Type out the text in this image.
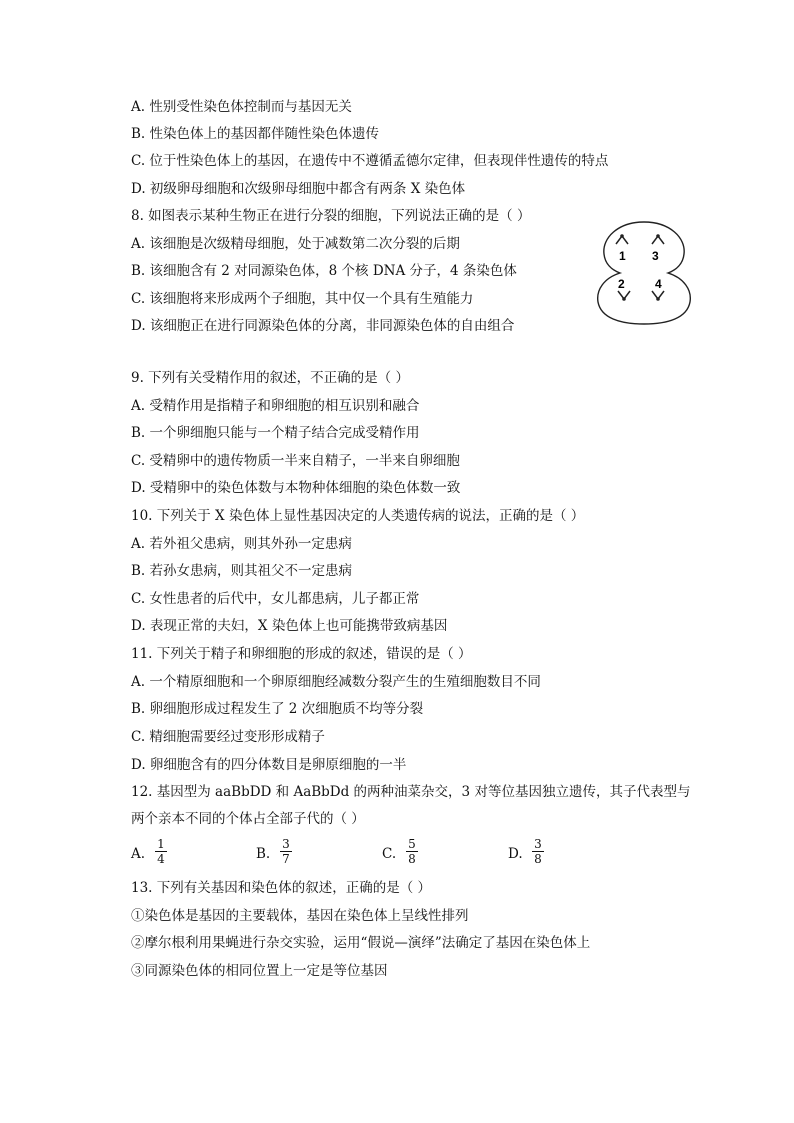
1 3
2	4
A. $\frac{1}{4}$	B. $\frac{3}{7}$	C. $\frac{5}{8}$	D. $\frac{3}{8}$
A. 性别受性染色体控制而与基因无关
B. 性染色体上的基因都伴随性染色体遗传
C. 位于性染色体上的基因，在遗传中不遵循孟德尔定律，但表现伴性遗传的特点
D. 初级卵母细胞和次级卵母细胞中都含有两条 X 染色体
8. 如图表示某种生物正在进行分裂的细胞，下列说法正确的是（ ）
A. 该细胞是次级精母细胞，处于减数第二次分裂的后期
B. 该细胞含有 2 对同源染色体，8 个核 DNA 分子，4 条染色体
C. 该细胞将来形成两个子细胞，其中仅一个具有生殖能力
D. 该细胞正在进行同源染色体的分离，非同源染色体的自由组合
9. 下列有关受精作用的叙述，不正确的是（ ）
A. 受精作用是指精子和卵细胞的相互识别和融合
B. 一个卵细胞只能与一个精子结合完成受精作用
C. 受精卵中的遗传物质一半来自精子，一半来自卵细胞
D. 受精卵中的染色体数与本物种体细胞的染色体数一致
10. 下列关于 X 染色体上显性基因决定的人类遗传病的说法，正确的是（ ）
A. 若外祖父患病，则其外孙一定患病
B. 若孙女患病，则其祖父不一定患病
C. 女性患者的后代中，女儿都患病，儿子都正常
D. 表现正常的夫妇，X 染色体上也可能携带致病基因
11. 下列关于精子和卵细胞的形成的叙述，错误的是（ ）
A. 一个精原细胞和一个卵原细胞经减数分裂产生的生殖细胞数目不同
B. 卵细胞形成过程发生了 2 次细胞质不均等分裂
C. 精细胞需要经过变形形成精子
D. 卵细胞含有的四分体数目是卵原细胞的一半
12. 基因型为 aaBbDD 和 AaBbDd 的两种油菜杂交，3 对等位基因独立遗传，其子代表型与
两个亲本不同的个体占全部子代的（ ）
13. 下列有关基因和染色体的叙述，正确的是（ ）
①染色体是基因的主要载体，基因在染色体上呈线性排列
②摩尔根利用果蝇进行杂交实验，运用“假说—演绎”法确定了基因在染色体上
③同源染色体的相同位置上一定是等位基因
